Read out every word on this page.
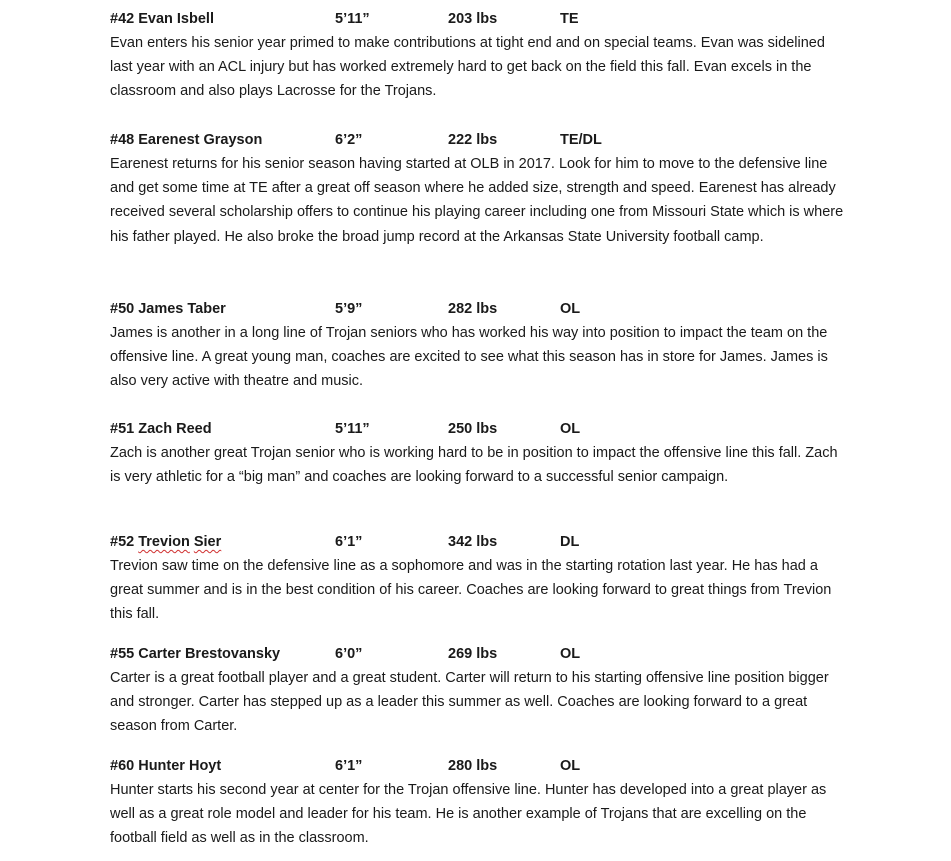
#42 Evan Isbell	5’11”	203 lbs	TE

Evan enters his senior year primed to make contributions at tight end and on special teams. Evan was sidelined last year with an ACL injury but has worked extremely hard to get back on the field this fall. Evan excels in the classroom and also plays Lacrosse for the Trojans.

#48 Earenest Grayson	6’2”	222 lbs	TE/DL

Earenest returns for his senior season having started at OLB in 2017. Look for him to move to the defensive line and get some time at TE after a great off season where he added size, strength and speed. Earenest has already received several scholarship offers to continue his playing career including one from Missouri State which is where his father played. He also broke the broad jump record at the Arkansas State University football camp.

#50 James Taber	5’9”	282 lbs	OL

James is another in a long line of Trojan seniors who has worked his way into position to impact the team on the offensive line. A great young man, coaches are excited to see what this season has in store for James. James is also very active with theatre and music.

#51 Zach Reed	5’11”	250 lbs	OL

Zach is another great Trojan senior who is working hard to be in position to impact the offensive line this fall. Zach is very athletic for a “big man” and coaches are looking forward to a successful senior campaign.

#52 Trevion Sier	6’1”	342 lbs	DL

Trevion saw time on the defensive line as a sophomore and was in the starting rotation last year. He has had a great summer and is in the best condition of his career. Coaches are looking forward to great things from Trevion this fall.

#55 Carter Brestovansky	6’0”	269 lbs	OL

Carter is a great football player and a great student. Carter will return to his starting offensive line position bigger and stronger. Carter has stepped up as a leader this summer as well. Coaches are looking forward to a great season from Carter.

#60 Hunter Hoyt	6’1”	280 lbs	OL

Hunter starts his second year at center for the Trojan offensive line. Hunter has developed into a great player as well as a great role model and leader for his team. He is another example of Trojans that are excelling on the football field as well as in the classroom.
